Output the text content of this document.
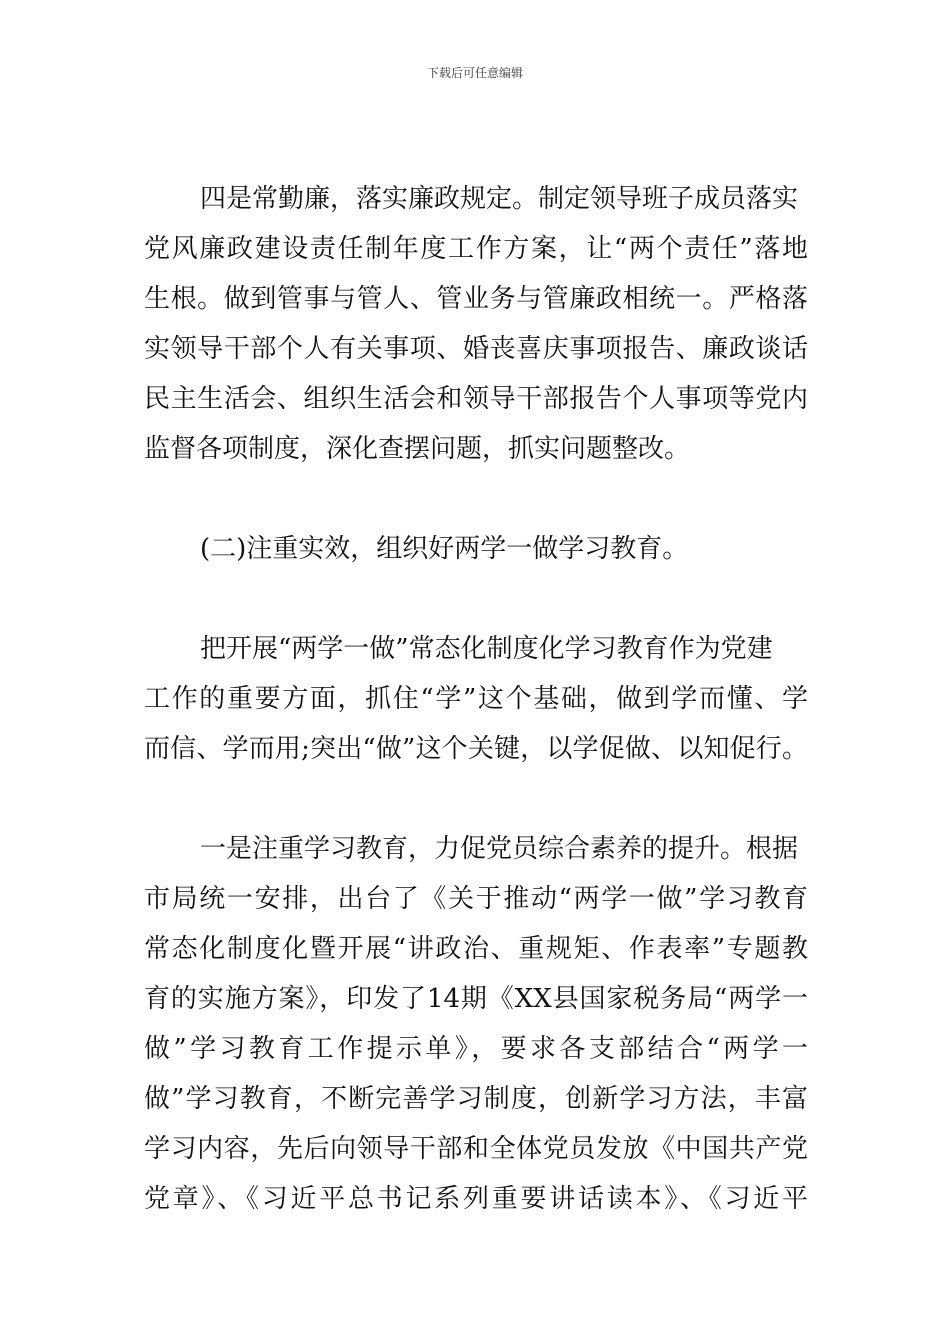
下载后可任意编辑
四是常勤廉，落实廉政规定。制定领导班子成员落实
党风廉政建设责任制年度工作方案，让“两个责任”落地
生根。做到管事与管人、管业务与管廉政相统一。严格落
实领导干部个人有关事项、婚丧喜庆事项报告、廉政谈话
民主生活会、组织生活会和领导干部报告个人事项等党内
监督各项制度，深化查摆问题，抓实问题整改。
(二)注重实效，组织好两学一做学习教育。
把开展“两学一做”常态化制度化学习教育作为党建
工作的重要方面，抓住“学”这个基础，做到学而懂、学
而信、学而用;突出“做”这个关键，以学促做、以知促行。
一是注重学习教育，力促党员综合素养的提升。根据
市局统一安排，出台了《关于推动“两学一做”学习教育
常态化制度化暨开展“讲政治、重规矩、作表率”专题教
育的实施方案》，印发了14期《XX县国家税务局“两学一
做”学习教育工作提示单》，要求各支部结合“两学一
做”学习教育，不断完善学习制度，创新学习方法，丰富
学习内容，先后向领导干部和全体党员发放《中国共产党
党章》、《习近平总书记系列重要讲话读本》、《习近平
